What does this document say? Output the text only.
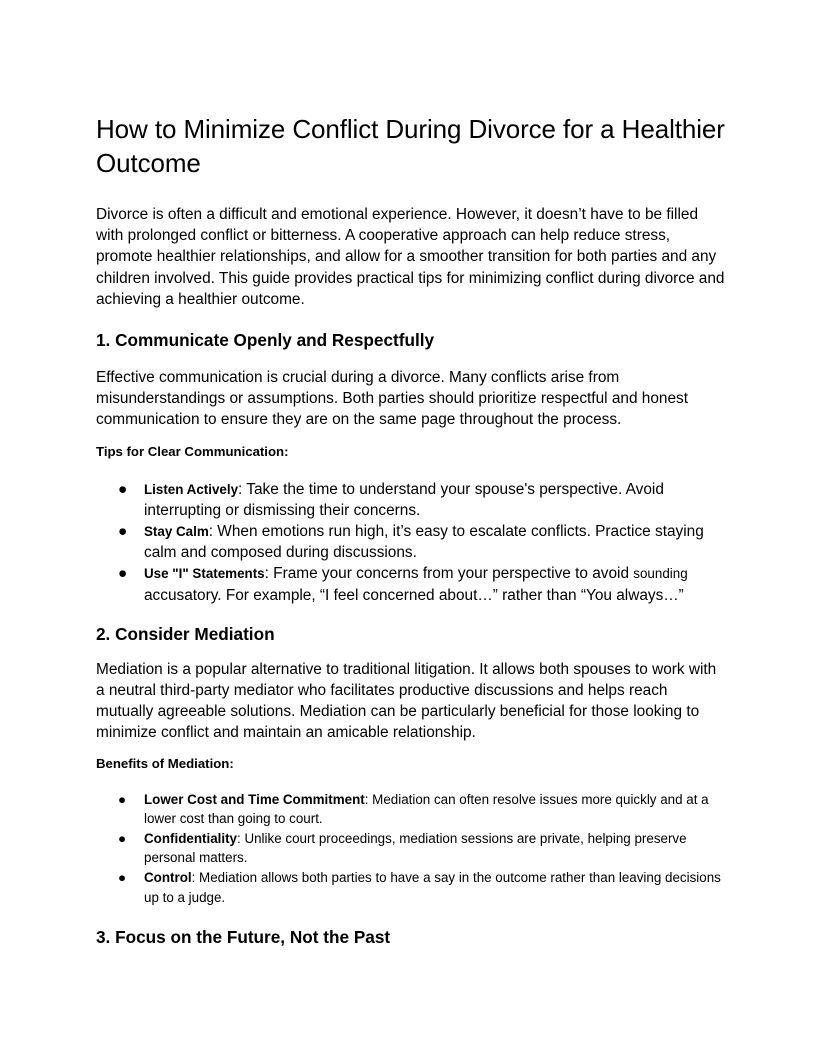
How to Minimize Conflict During Divorce for a Healthier Outcome

Divorce is often a difficult and emotional experience. However, it doesn’t have to be filled with prolonged conflict or bitterness. A cooperative approach can help reduce stress, promote healthier relationships, and allow for a smoother transition for both parties and any children involved. This guide provides practical tips for minimizing conflict during divorce and achieving a healthier outcome.

1. Communicate Openly and Respectfully

Effective communication is crucial during a divorce. Many conflicts arise from misunderstandings or assumptions. Both parties should prioritize respectful and honest communication to ensure they are on the same page throughout the process.

Tips for Clear Communication:
● Listen Actively: Take the time to understand your spouse's perspective. Avoid interrupting or dismissing their concerns.
● Stay Calm: When emotions run high, it’s easy to escalate conflicts. Practice staying calm and composed during discussions.
● Use "I" Statements: Frame your concerns from your perspective to avoid sounding accusatory. For example, “I feel concerned about…” rather than “You always…”
2. Consider Mediation

Mediation is a popular alternative to traditional litigation. It allows both spouses to work with a neutral third-party mediator who facilitates productive discussions and helps reach mutually agreeable solutions. Mediation can be particularly beneficial for those looking to minimize conflict and maintain an amicable relationship.

Benefits of Mediation:
● Lower Cost and Time Commitment: Mediation can often resolve issues more quickly and at a lower cost than going to court.
● Confidentiality: Unlike court proceedings, mediation sessions are private, helping preserve personal matters.
● Control: Mediation allows both parties to have a say in the outcome rather than leaving decisions up to a judge.
3. Focus on the Future, Not the Past
